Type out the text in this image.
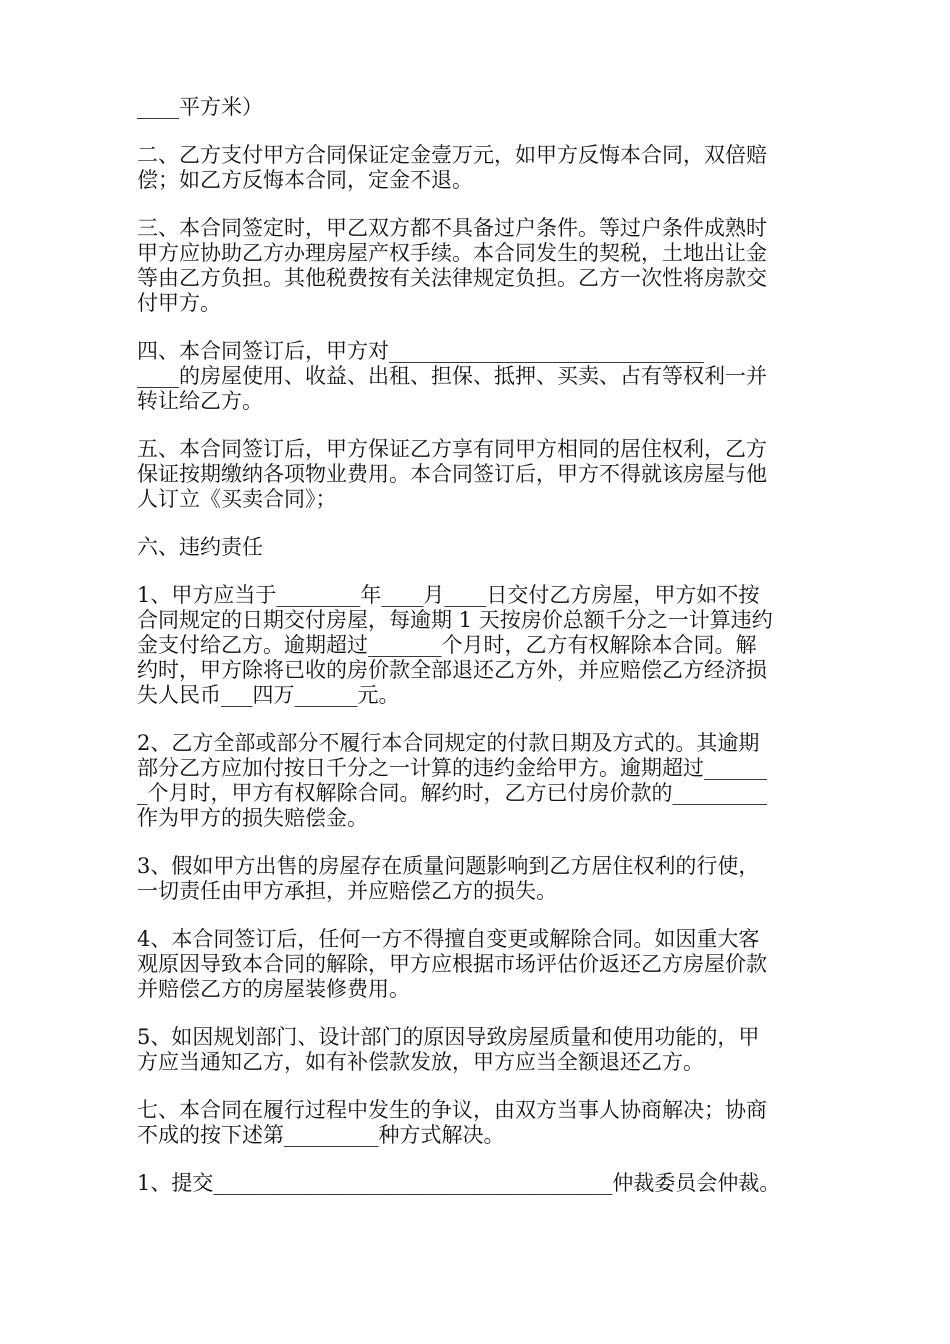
____平方米）
二、乙方支付甲方合同保证定金壹万元，如甲方反悔本合同，双倍赔
偿；如乙方反悔本合同，定金不退。
三、本合同签定时，甲乙双方都不具备过户条件。等过户条件成熟时
甲方应协助乙方办理房屋产权手续。本合同发生的契税，土地出让金
等由乙方负担。其他税费按有关法律规定负担。乙方一次性将房款交
付甲方。
四、本合同签订后，甲方对______________________________
____的房屋使用、收益、出租、担保、抵押、买卖、占有等权利一并
转让给乙方。
五、本合同签订后，甲方保证乙方享有同甲方相同的居住权利，乙方
保证按期缴纳各项物业费用。本合同签订后，甲方不得就该房屋与他
人订立《买卖合同》；
六、违约责任
1、甲方应当于________年____月____日交付乙方房屋，甲方如不按
合同规定的日期交付房屋，每逾期 1 天按房价总额千分之一计算违约
金支付给乙方。逾期超过_______个月时，乙方有权解除本合同。解
约时，甲方除将已收的房价款全部退还乙方外，并应赔偿乙方经济损
失人民币___四万______元。
2、乙方全部或部分不履行本合同规定的付款日期及方式的。其逾期
部分乙方应加付按日千分之一计算的违约金给甲方。逾期超过______
_个月时，甲方有权解除合同。解约时，乙方已付房价款的_________
作为甲方的损失赔偿金。
3、假如甲方出售的房屋存在质量问题影响到乙方居住权利的行使，
一切责任由甲方承担，并应赔偿乙方的损失。
4、本合同签订后，任何一方不得擅自变更或解除合同。如因重大客
观原因导致本合同的解除，甲方应根据市场评估价返还乙方房屋价款
并赔偿乙方的房屋装修费用。
5、如因规划部门、设计部门的原因导致房屋质量和使用功能的，甲
方应当通知乙方，如有补偿款发放，甲方应当全额退还乙方。
七、本合同在履行过程中发生的争议，由双方当事人协商解决；协商
不成的按下述第_________种方式解决。
1、提交______________________________________仲裁委员会仲裁。
